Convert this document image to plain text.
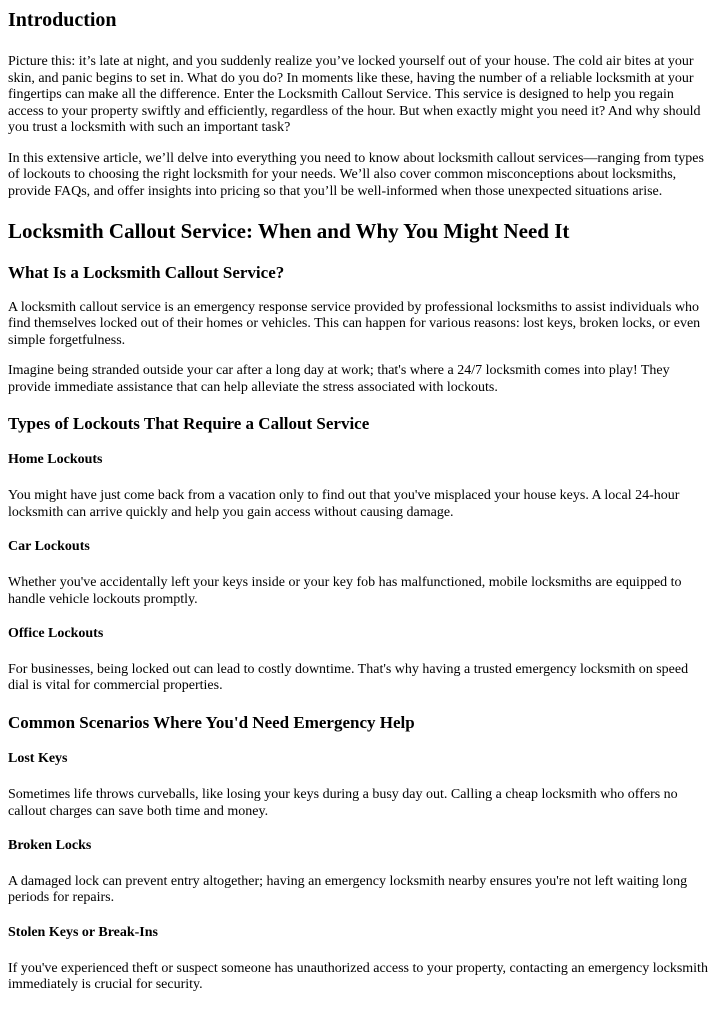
Introduction

Picture this: it’s late at night, and you suddenly realize you’ve locked yourself out of your house. The cold air bites at your skin, and panic begins to set in. What do you do? In moments like these, having the number of a reliable locksmith at your fingertips can make all the difference. Enter the Locksmith Callout Service. This service is designed to help you regain access to your property swiftly and efficiently, regardless of the hour. But when exactly might you need it? And why should you trust a locksmith with such an important task?

In this extensive article, we’ll delve into everything you need to know about locksmith callout services—ranging from types of lockouts to choosing the right locksmith for your needs. We’ll also cover common misconceptions about locksmiths, provide FAQs, and offer insights into pricing so that you’ll be well-informed when those unexpected situations arise.

Locksmith Callout Service: When and Why You Might Need It
What Is a Locksmith Callout Service?

A locksmith callout service is an emergency response service provided by professional locksmiths to assist individuals who find themselves locked out of their homes or vehicles. This can happen for various reasons: lost keys, broken locks, or even simple forgetfulness.

Imagine being stranded outside your car after a long day at work; that's where a 24/7 locksmith comes into play! They provide immediate assistance that can help alleviate the stress associated with lockouts.

Types of Lockouts That Require a Callout Service
Home Lockouts

You might have just come back from a vacation only to find out that you've misplaced your house keys. A local 24-hour locksmith can arrive quickly and help you gain access without causing damage.

Car Lockouts

Whether you've accidentally left your keys inside or your key fob has malfunctioned, mobile locksmiths are equipped to handle vehicle lockouts promptly.

Office Lockouts

For businesses, being locked out can lead to costly downtime. That's why having a trusted emergency locksmith on speed dial is vital for commercial properties.

Common Scenarios Where You'd Need Emergency Help
Lost Keys

Sometimes life throws curveballs, like losing your keys during a busy day out. Calling a cheap locksmith who offers no callout charges can save both time and money.

Broken Locks

A damaged lock can prevent entry altogether; having an emergency locksmith nearby ensures you're not left waiting long periods for repairs.

Stolen Keys or Break-Ins

If you've experienced theft or suspect someone has unauthorized access to your property, contacting an emergency locksmith immediately is crucial for security.
